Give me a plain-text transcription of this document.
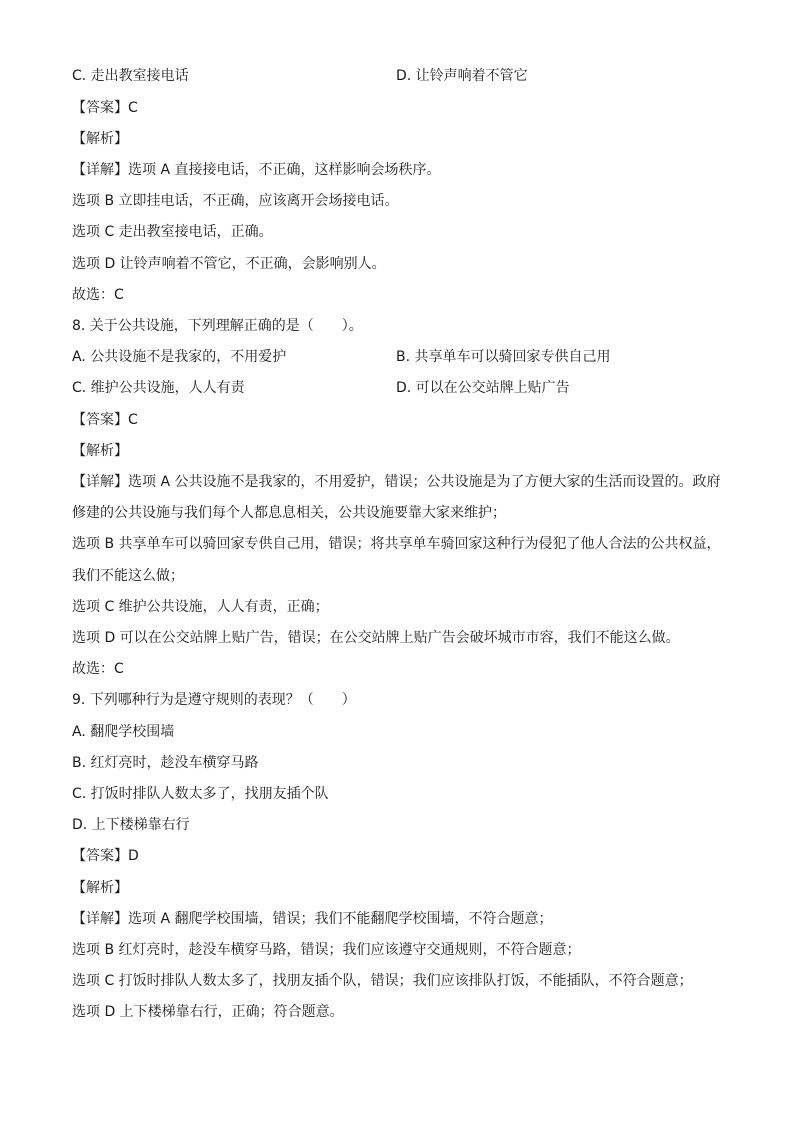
C. 走出教室接电话	D. 让铃声响着不管它
【答案】C
【解析】
【详解】选项 A 直接接电话，不正确，这样影响会场秩序。
选项 B 立即挂电话，不正确，应该离开会场接电话。
选项 C 走出教室接电话，正确。
选项 D 让铃声响着不管它，不正确，会影响别人。
故选：C
8. 关于公共设施，下列理解正确的是（　　）。
A. 公共设施不是我家的，不用爱护	B. 共享单车可以骑回家专供自己用
C. 维护公共设施，人人有责	D. 可以在公交站牌上贴广告
【答案】C
【解析】
【详解】选项 A 公共设施不是我家的，不用爱护，错误；公共设施是为了方便大家的生活而设置的。政府
修建的公共设施与我们每个人都息息相关，公共设施要靠大家来维护；
选项 B 共享单车可以骑回家专供自己用，错误；将共享单车骑回家这种行为侵犯了他人合法的公共权益，
我们不能这么做；
选项 C 维护公共设施，人人有责，正确；
选项 D 可以在公交站牌上贴广告，错误；在公交站牌上贴广告会破坏城市市容，我们不能这么做。
故选：C
9. 下列哪种行为是遵守规则的表现？（　　）
A. 翻爬学校围墙
B. 红灯亮时，趁没车横穿马路
C. 打饭时排队人数太多了，找朋友插个队
D. 上下楼梯靠右行
【答案】D
【解析】
【详解】选项 A 翻爬学校围墙，错误；我们不能翻爬学校围墙，不符合题意；
选项 B 红灯亮时，趁没车横穿马路，错误；我们应该遵守交通规则，不符合题意；
选项 C 打饭时排队人数太多了，找朋友插个队，错误；我们应该排队打饭，不能插队，不符合题意；
选项 D 上下楼梯靠右行，正确；符合题意。
